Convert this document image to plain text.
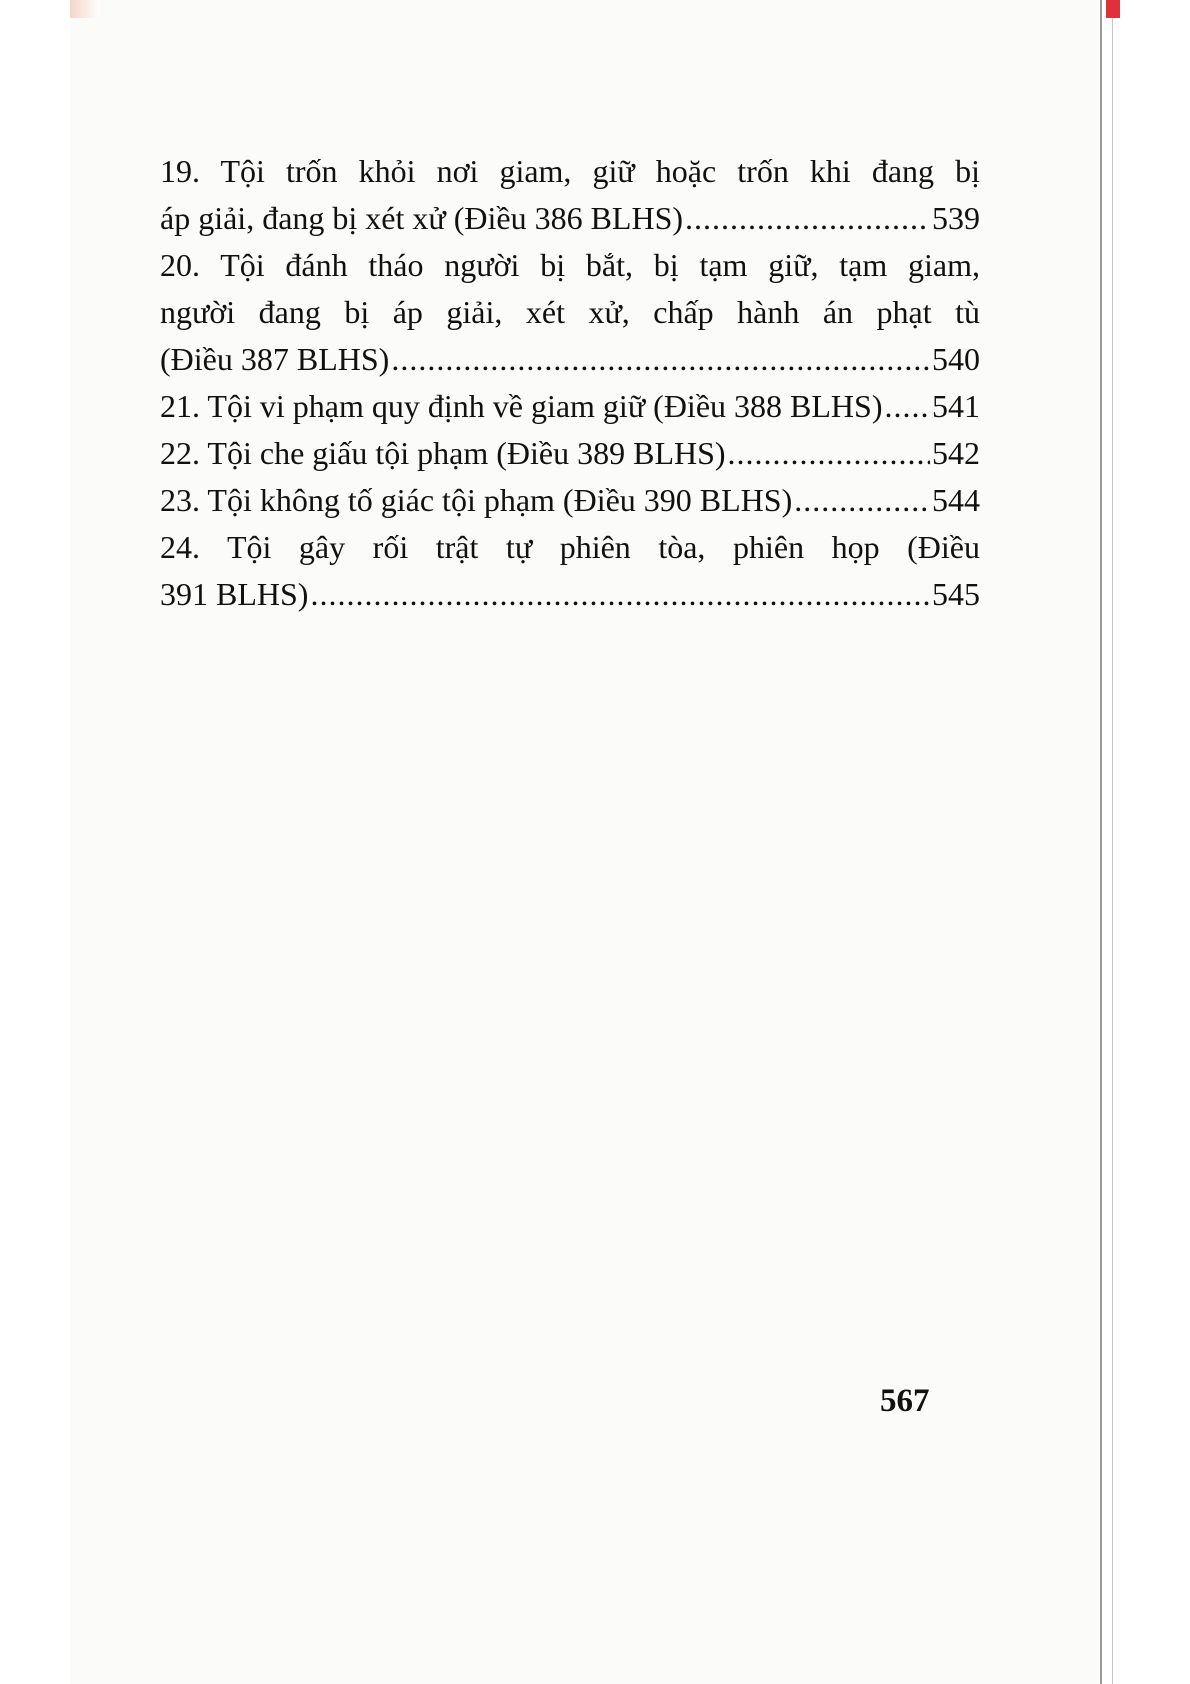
19. Tội trốn khỏi nơi giam, giữ hoặc trốn khi đang bị
áp giải, đang bị xét xử (Điều 386 BLHS) .....	539
20. Tội đánh tháo người bị bắt, bị tạm giữ, tạm giam,
người đang bị áp giải, xét xử, chấp hành án phạt tù
(Điều 387 BLHS) .....	540
21. Tội vi phạm quy định về giam giữ (Điều 388 BLHS) ..... 541
22. Tội che giấu tội phạm (Điều 389 BLHS) .....	542
23. Tội không tố giác tội phạm (Điều 390 BLHS) .....	544
24. Tội gây rối trật tự phiên tòa, phiên họp (Điều
391 BLHS) .....	545
567
